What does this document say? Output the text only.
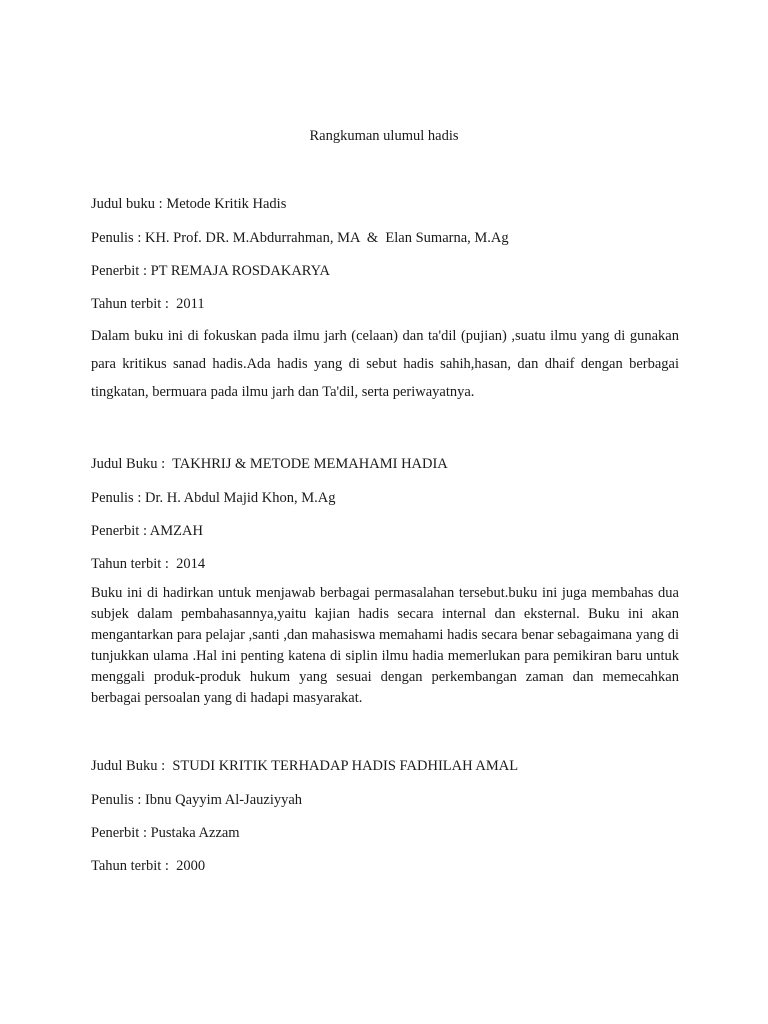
Rangkuman ulumul hadis
Judul buku : Metode Kritik Hadis
Penulis : KH. Prof. DR. M.Abdurrahman, MA  &  Elan Sumarna, M.Ag
Penerbit : PT REMAJA ROSDAKARYA
Tahun terbit :  2011
Dalam buku ini di fokuskan pada ilmu jarh (celaan) dan ta'dil (pujian) ,suatu ilmu yang di gunakan para kritikus sanad hadis.Ada hadis yang di sebut hadis sahih,hasan, dan dhaif dengan berbagai tingkatan, bermuara pada ilmu jarh dan Ta'dil, serta periwayatnya.
Judul Buku :  TAKHRIJ & METODE MEMAHAMI HADIA
Penulis : Dr. H. Abdul Majid Khon, M.Ag
Penerbit : AMZAH
Tahun terbit :  2014
Buku ini di hadirkan untuk menjawab berbagai permasalahan tersebut.buku ini juga membahas dua subjek dalam pembahasannya,yaitu kajian hadis secara internal dan eksternal. Buku ini akan mengantarkan para pelajar ,santi ,dan mahasiswa memahami hadis secara benar sebagaimana yang di tunjukkan ulama .Hal ini penting katena di siplin ilmu hadia memerlukan para pemikiran baru untuk menggali produk-produk hukum yang sesuai dengan perkembangan zaman dan memecahkan berbagai persoalan yang di hadapi masyarakat.
Judul Buku :  STUDI KRITIK TERHADAP HADIS FADHILAH AMAL
Penulis : Ibnu Qayyim Al-Jauziyyah
Penerbit : Pustaka Azzam
Tahun terbit :  2000
